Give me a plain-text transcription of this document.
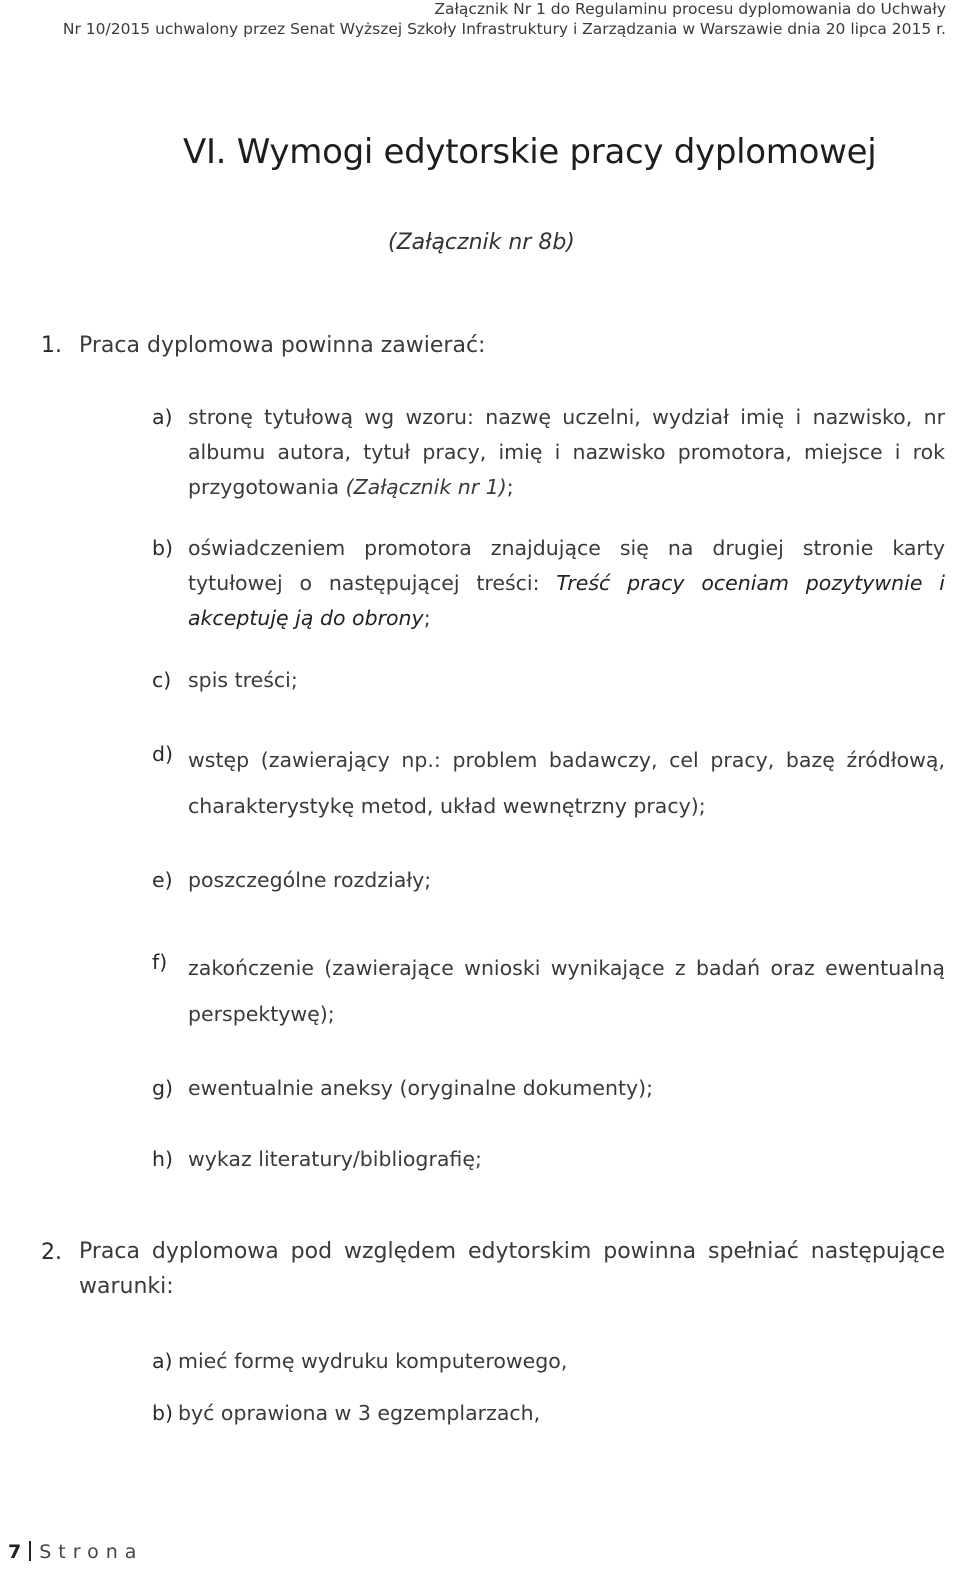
Załącznik Nr 1 do Regulaminu procesu dyplomowania do Uchwały
Nr 10/2015 uchwalony przez Senat Wyższej Szkoły Infrastruktury i Zarządzania w Warszawie dnia 20 lipca 2015 r.
VI. Wymogi edytorskie pracy dyplomowej
(Załącznik nr 8b)
1. Praca dyplomowa powinna zawierać:
a) stronę tytułową wg wzoru: nazwę uczelni, wydział imię i nazwisko, nr albumu autora, tytuł pracy, imię i nazwisko promotora, miejsce i rok przygotowania (Załącznik nr 1);
b) oświadczeniem promotora znajdujące się na drugiej stronie karty tytułowej o następującej treści: Treść pracy oceniam pozytywnie i akceptuję ją do obrony;
c) spis treści;
d) wstęp (zawierający np.: problem badawczy, cel pracy, bazę źródłową, charakterystykę metod, układ wewnętrzny pracy);
e) poszczególne rozdziały;
f) zakończenie (zawierające wnioski wynikające z badań oraz ewentualną perspektywę);
g) ewentualnie aneksy (oryginalne dokumenty);
h) wykaz literatury/bibliografię;
2. Praca dyplomowa pod względem edytorskim powinna spełniać następujące warunki:
a) mieć formę wydruku komputerowego,
b) być oprawiona w 3 egzemplarzach,
7 Strona
